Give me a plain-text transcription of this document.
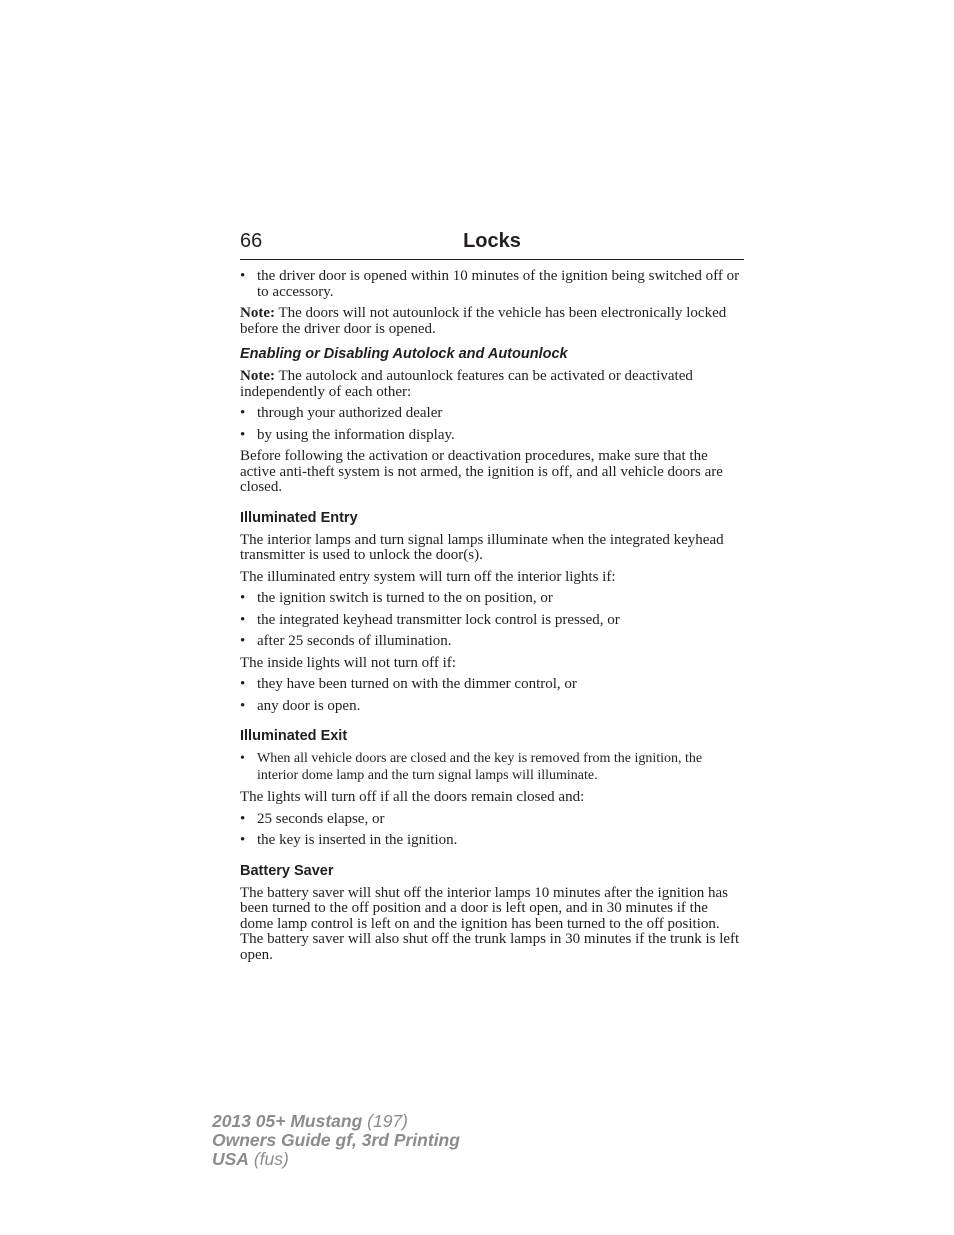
66	Locks
• the driver door is opened within 10 minutes of the ignition being switched off or to accessory.

Note: The doors will not autounlock if the vehicle has been electronically locked before the driver door is opened.

Enabling or Disabling Autolock and Autounlock

Note: The autolock and autounlock features can be activated or deactivated independently of each other:

• through your authorized dealer
• by using the information display.

Before following the activation or deactivation procedures, make sure that the active anti-theft system is not armed, the ignition is off, and all vehicle doors are closed.

Illuminated Entry

The interior lamps and turn signal lamps illuminate when the integrated keyhead transmitter is used to unlock the door(s).

The illuminated entry system will turn off the interior lights if:

• the ignition switch is turned to the on position, or
• the integrated keyhead transmitter lock control is pressed, or
• after 25 seconds of illumination.

The inside lights will not turn off if:

• they have been turned on with the dimmer control, or
• any door is open.
Illuminated Exit
• When all vehicle doors are closed and the key is removed from the ignition, the interior dome lamp and the turn signal lamps will illuminate.

The lights will turn off if all the doors remain closed and:

• 25 seconds elapse, or
• the key is inserted in the ignition.
Battery Saver

The battery saver will shut off the interior lamps 10 minutes after the ignition has been turned to the off position and a door is left open, and in 30 minutes if the dome lamp control is left on and the ignition has been turned to the off position. The battery saver will also shut off the trunk lamps in 30 minutes if the trunk is left open.

2013 05+ Mustang (197)
Owners Guide gf, 3rd Printing
USA (fus)
